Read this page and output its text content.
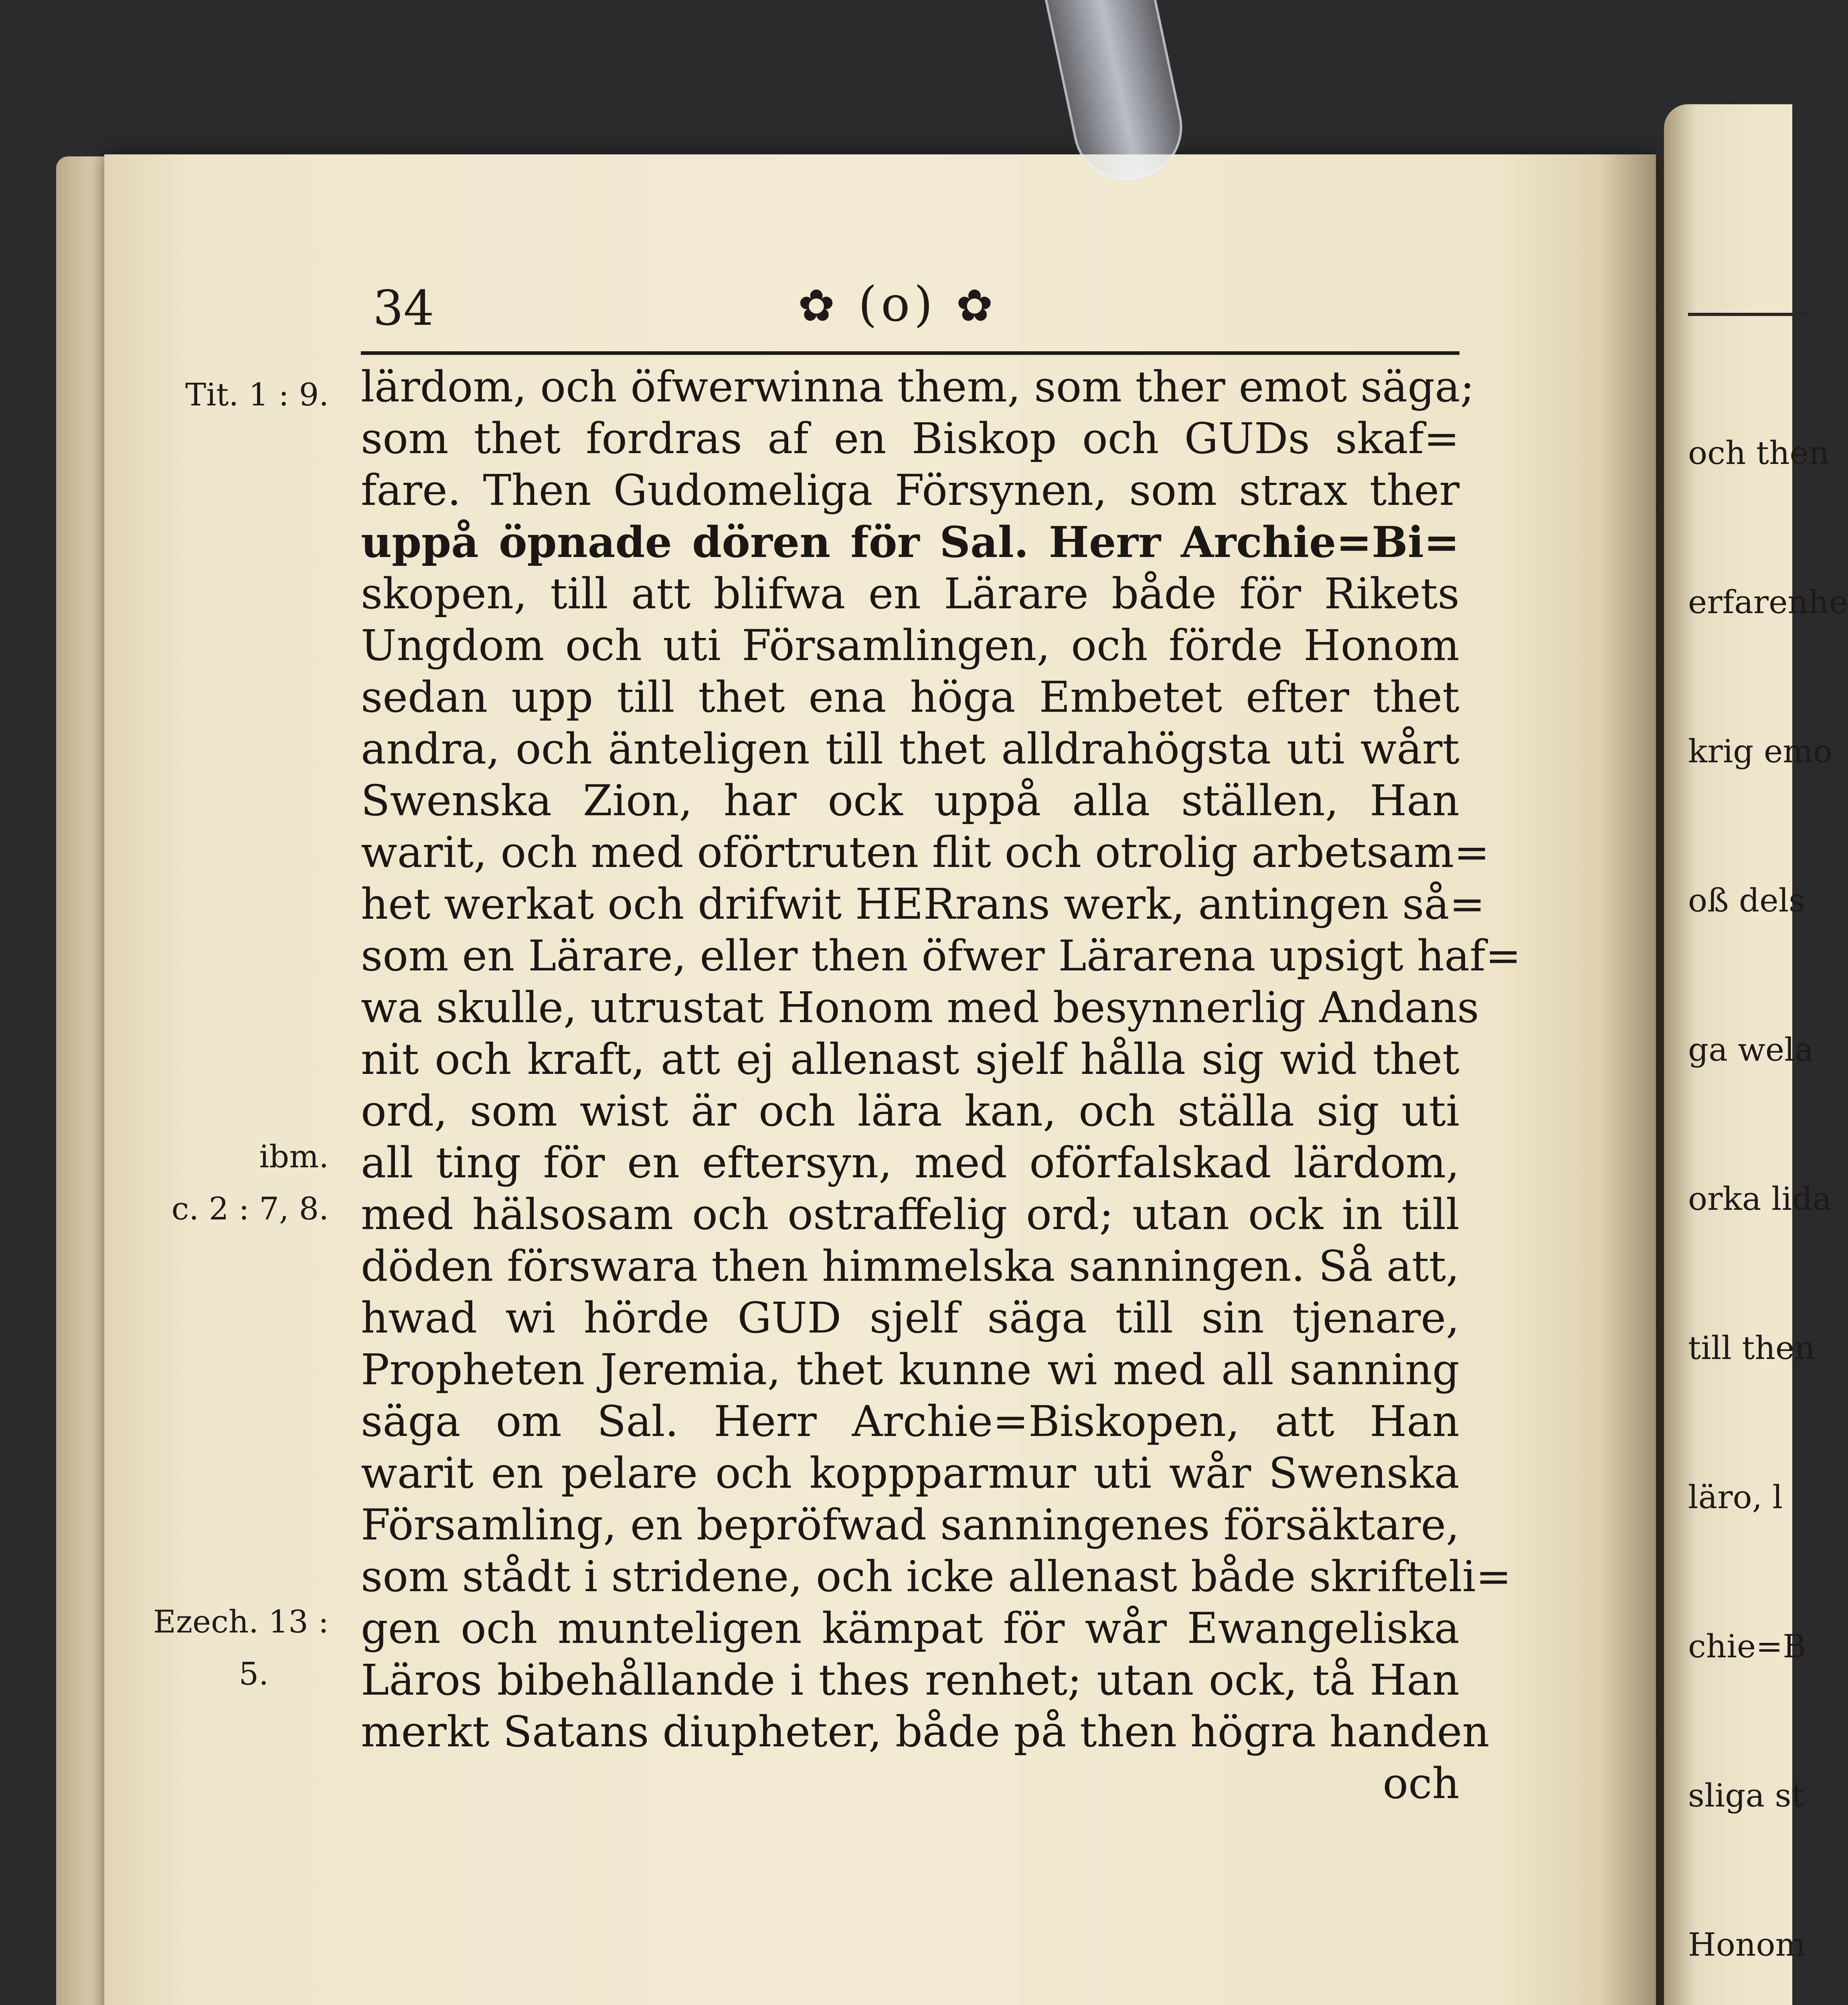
och then

erfarenhe

krig emo

oß dels

ga wela

orka lida

till then

läro, l

chie=B

sliga st

Honom

34	✿ (o) ✿

Tit. 1 : 9.

ibm.

c. 2 : 7, 8.

Ezech. 13 :

5.

lärdom, och öfwerwinna them, som ther emot säga;
som thet fordras af en Biskop och GUDs skaf=
fare. Then Gudomeliga Försynen, som strax ther
uppå öpnade dören för Sal. Herr Archie=Bi=
skopen, till att blifwa en Lärare både för Rikets
Ungdom och uti Församlingen, och förde Honom
sedan upp till thet ena höga Embetet efter thet
andra, och änteligen till thet alldrahögsta uti wårt
Swenska Zion, har ock uppå alla ställen, Han
warit, och med oförtruten flit och otrolig arbetsam=
het werkat och drifwit HERrans werk, antingen så=
som en Lärare, eller then öfwer Lärarena upsigt haf=
wa skulle, utrustat Honom med besynnerlig Andans
nit och kraft, att ej allenast sjelf hålla sig wid thet
ord, som wist är och lära kan, och ställa sig uti
all ting för en eftersyn, med oförfalskad lärdom,
med hälsosam och ostraffelig ord; utan ock in till
döden förswara then himmelska sanningen. Så att,
hwad wi hörde GUD sjelf säga till sin tjenare,
Propheten Jeremia, thet kunne wi med all sanning
säga om Sal. Herr Archie=Biskopen, att Han
warit en pelare och koppparmur uti wår Swenska
Församling, en bepröfwad sanningenes försäktare,
som stådt i stridene, och icke allenast både skrifteli=
gen och munteligen kämpat för wår Ewangeliska
Läros bibehållande i thes renhet; utan ock, tå Han
merkt Satans diupheter, både på then högra handen
och
